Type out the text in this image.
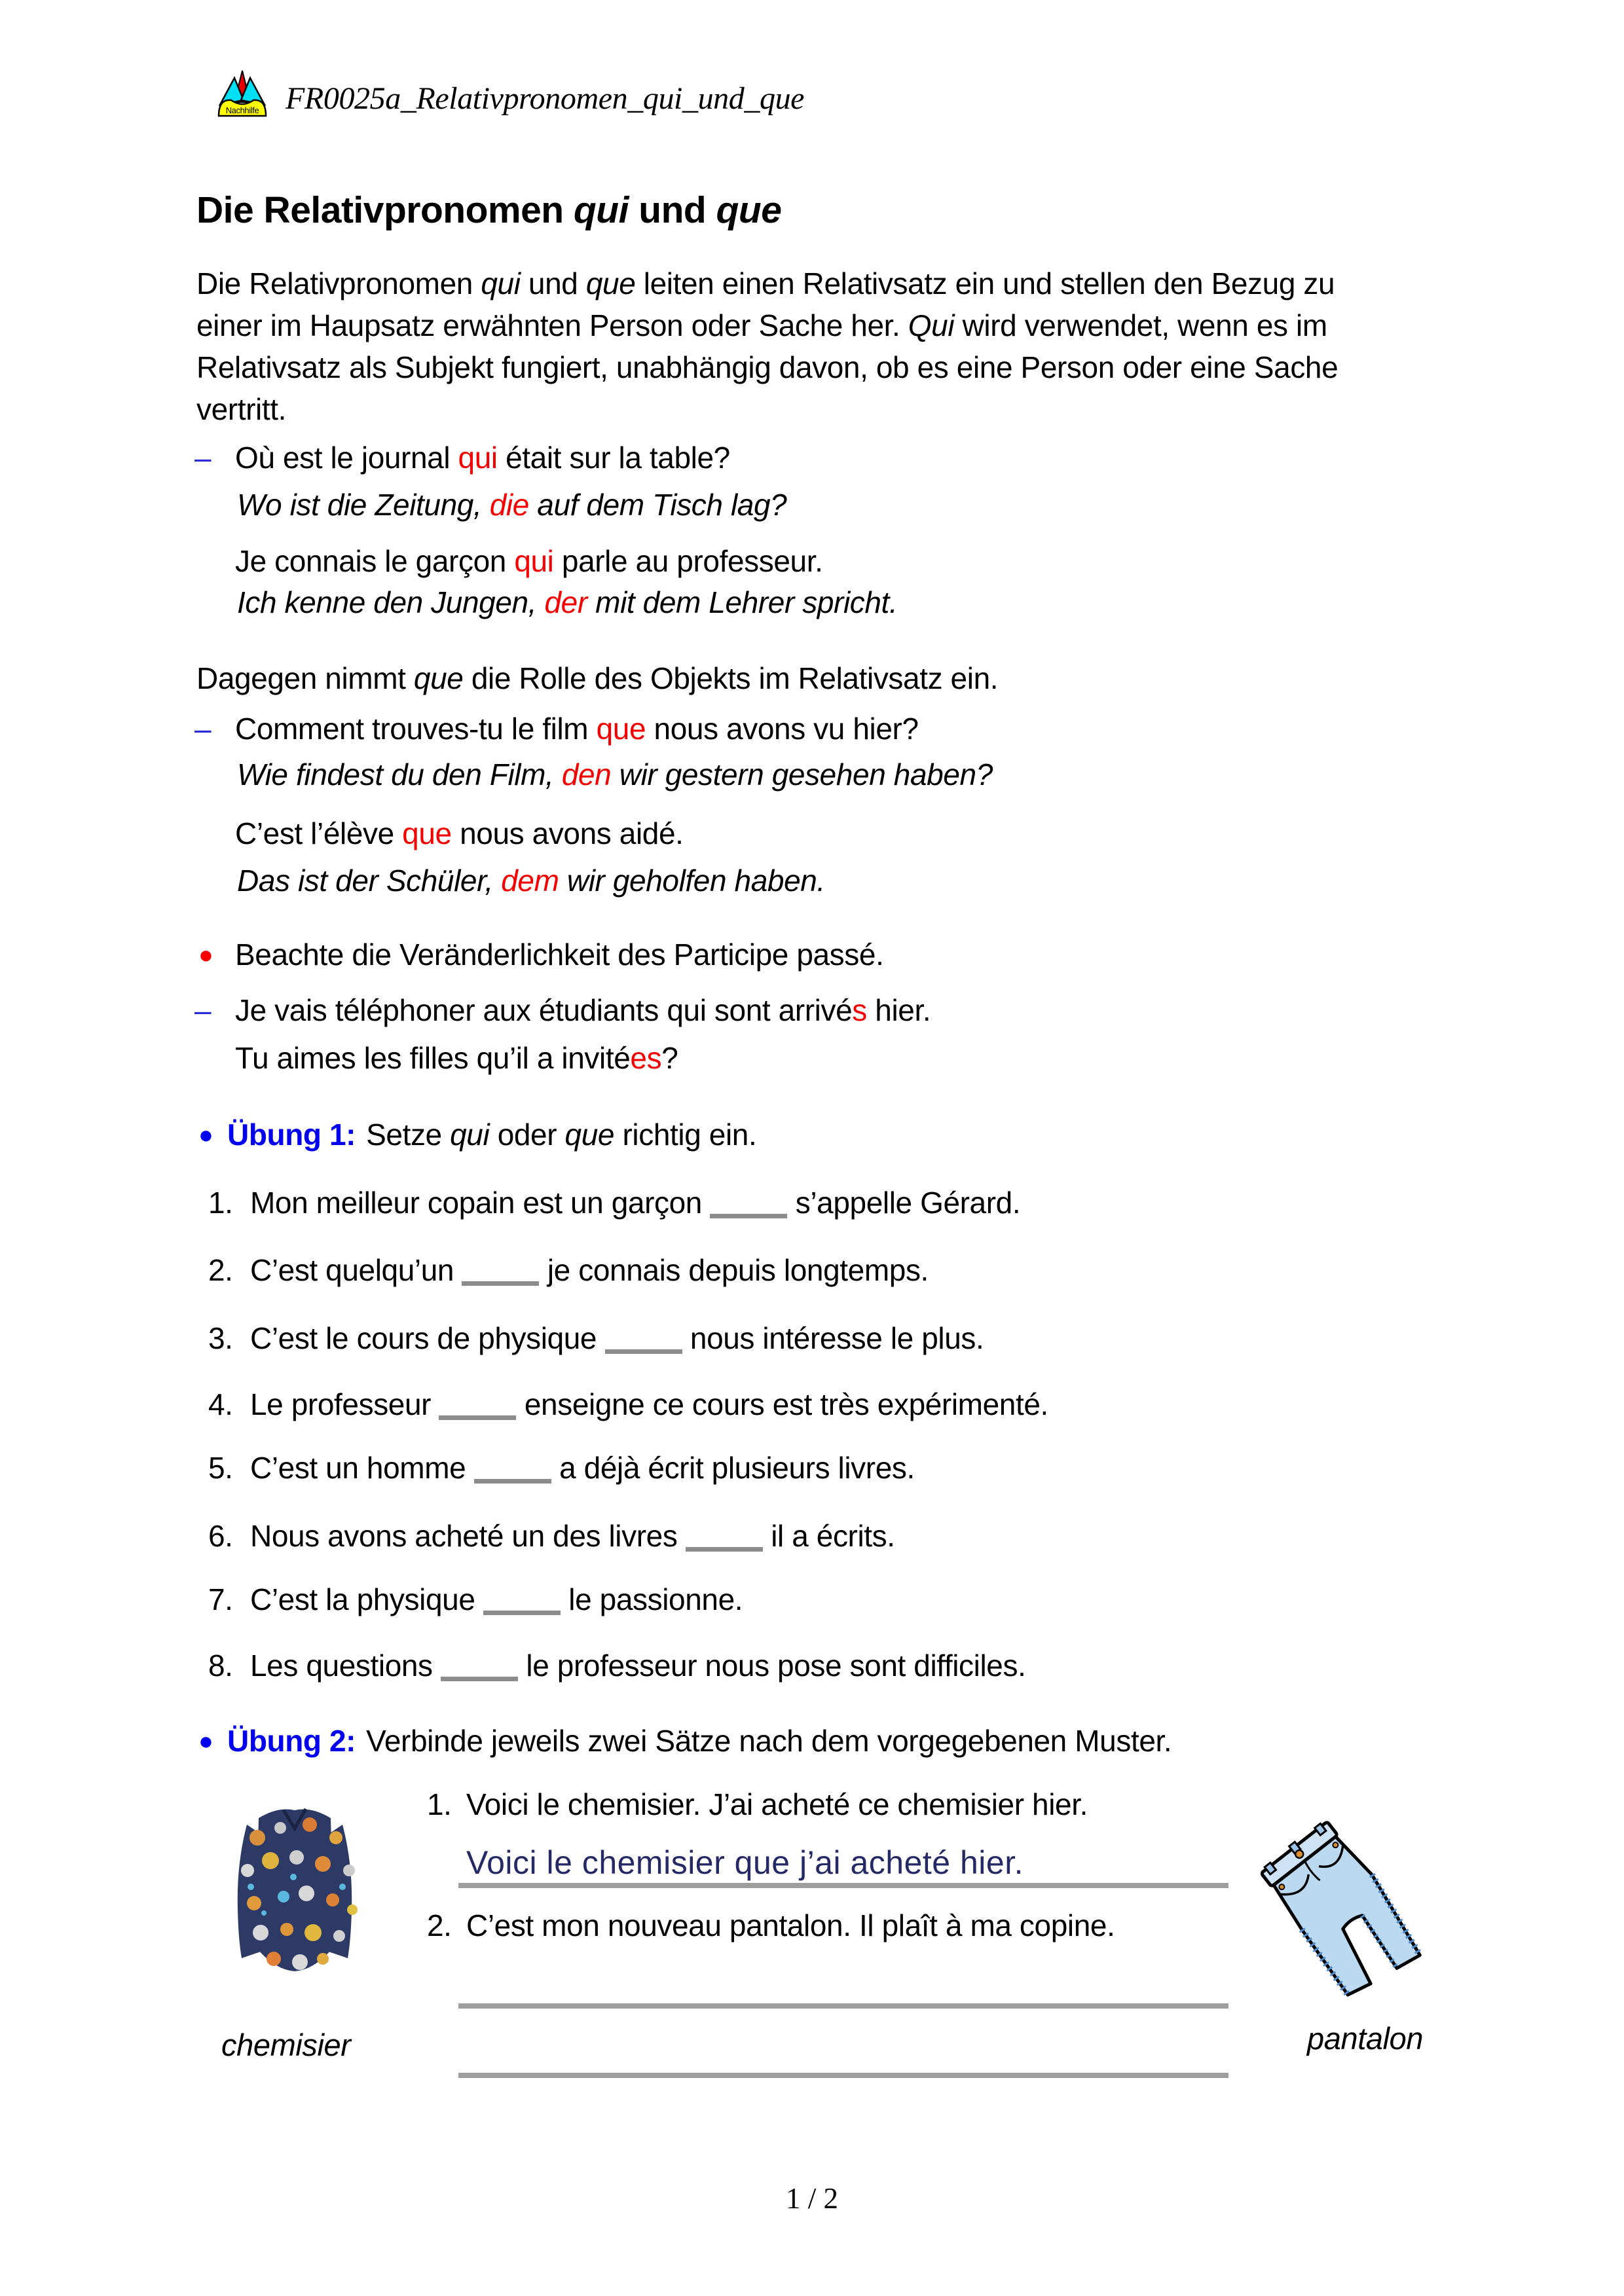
Nachhilfe FR0025a_Relativpronomen_qui_und_que
Die Relativpronomen qui und que
Die Relativpronomen qui und que leiten einen Relativsatz ein und stellen den Bezug zu
einer im Haupsatz erwähnten Person oder Sache her. Qui wird verwendet, wenn es im
Relativsatz als Subjekt fungiert, unabhängig davon, ob es eine Person oder eine Sache
vertritt.
– Où est le journal qui était sur la table?
Wo ist die Zeitung, die auf dem Tisch lag?
Je connais le garçon qui parle au professeur.
Ich kenne den Jungen, der mit dem Lehrer spricht.
Dagegen nimmt que die Rolle des Objekts im Relativsatz ein.
– Comment trouves-tu le film que nous avons vu hier?
Wie findest du den Film, den wir gestern gesehen haben?
C’est l’élève que nous avons aidé.
Das ist der Schüler, dem wir geholfen haben.
● Beachte die Veränderlichkeit des Participe passé.
– Je vais téléphoner aux étudiants qui sont arrivés hier.
Tu aimes les filles qu’il a invitées?
● Übung 1: Setze qui oder que richtig ein.
1. Mon meilleur copain est un garçon	s’appelle Gérard.
2. C’est quelqu’un	je connais depuis longtemps.
3. C’est le cours de physique	nous intéresse le plus.
4. Le professeur	enseigne ce cours est très expérimenté.
5. C’est un homme	a déjà écrit plusieurs livres.
6. Nous avons acheté un des livres	il a écrits.
7. C’est la physique	le passionne.
8. Les questions	le professeur nous pose sont difficiles.
● Übung 2: Verbinde jeweils zwei Sätze nach dem vorgegebenen Muster.
1. Voici le chemisier. J’ai acheté ce chemisier hier.
Voici le chemisier que j’ai acheté hier.
2. C’est mon nouveau pantalon. Il plaît à ma copine.
chemisier	pantalon
1 / 2
